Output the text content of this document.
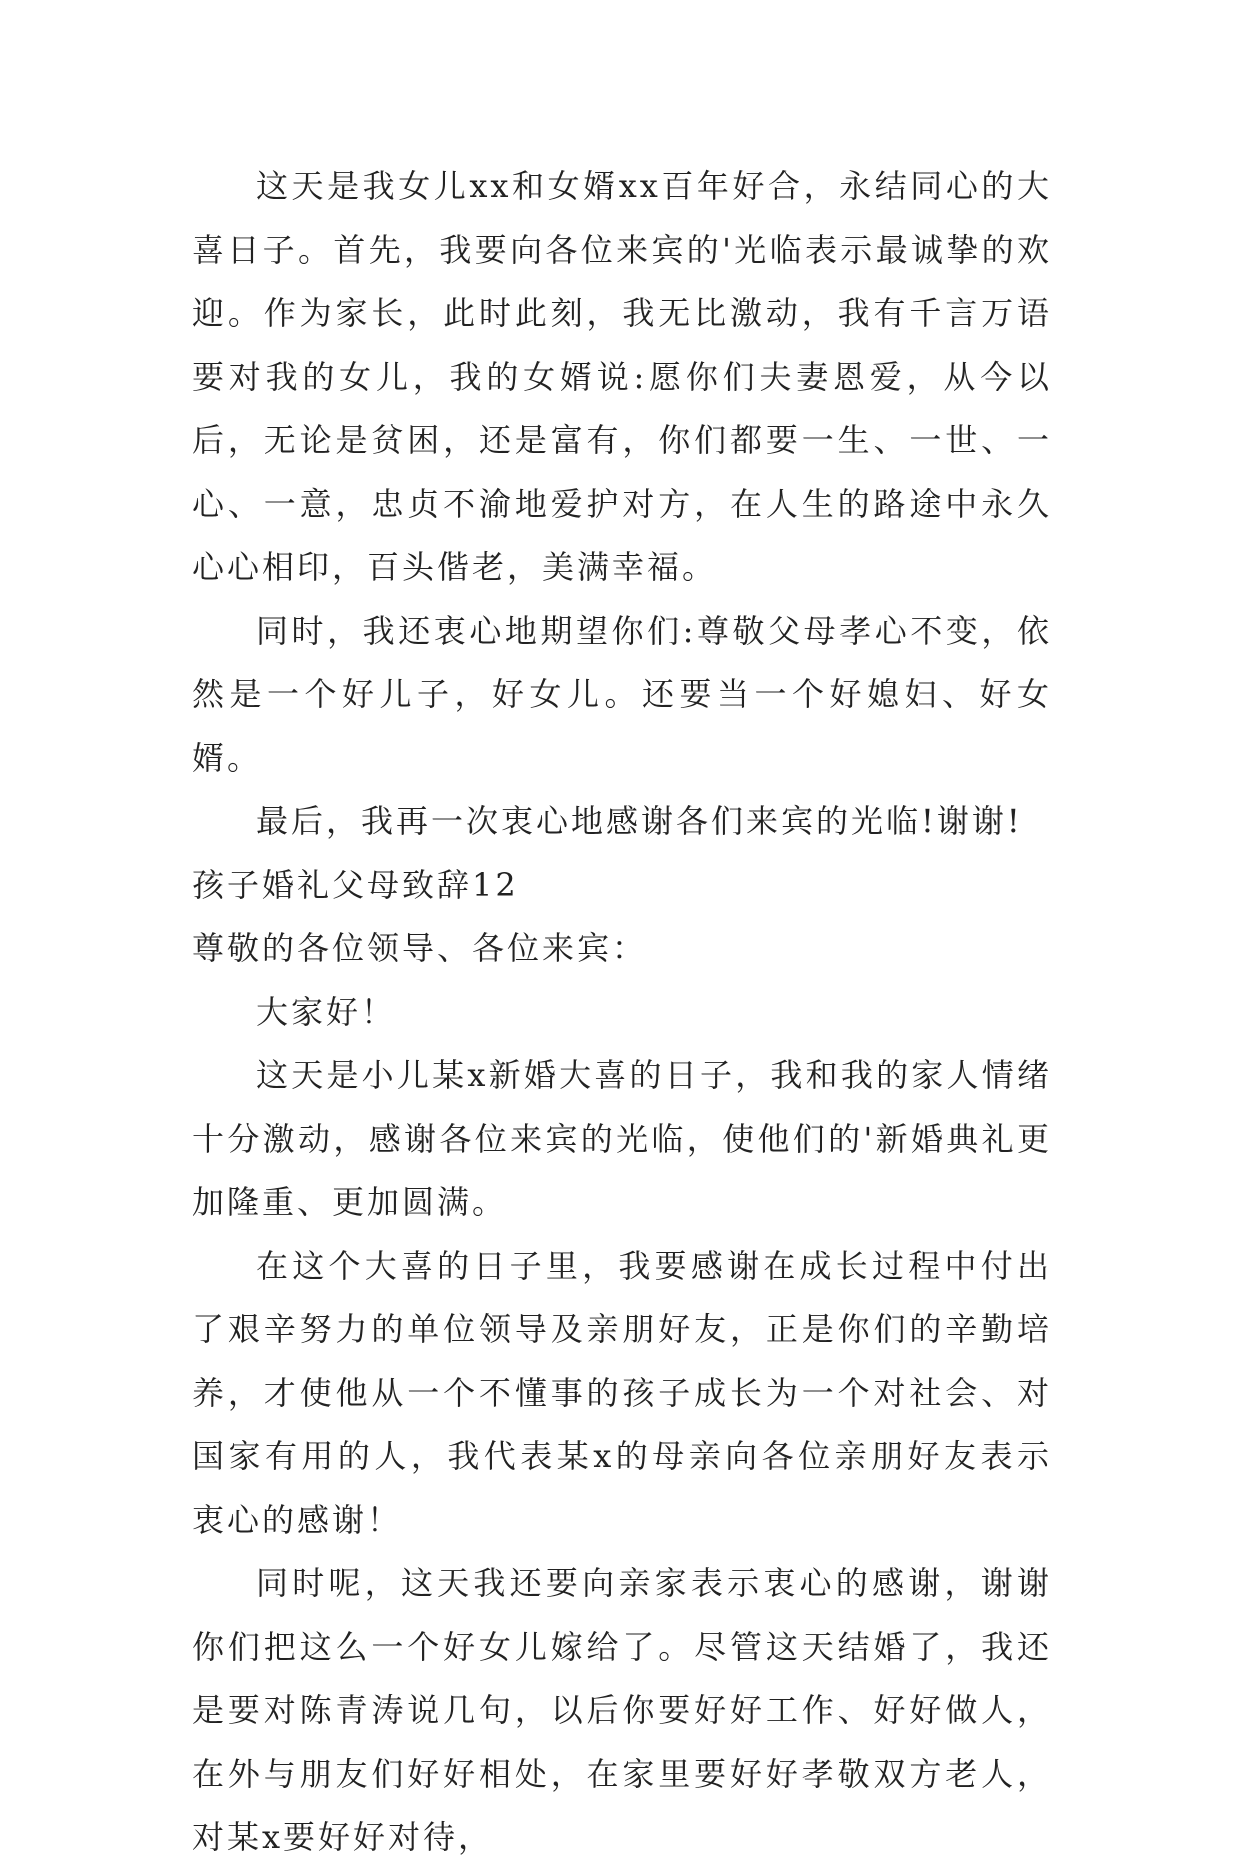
这天是我女儿xx和女婿xx百年好合，永结同心的大喜日子。首先，我要向各位来宾的'光临表示最诚挚的欢迎。作为家长，此时此刻，我无比激动，我有千言万语要对我的女儿，我的女婿说:愿你们夫妻恩爱，从今以后，无论是贫困，还是富有，你们都要一生、一世、一心、一意，忠贞不渝地爱护对方，在人生的路途中永久心心相印，百头偕老，美满幸福。

同时，我还衷心地期望你们:尊敬父母孝心不变，依然是一个好儿子，好女儿。还要当一个好媳妇、好女婿。

最后，我再一次衷心地感谢各们来宾的光临!谢谢!

孩子婚礼父母致辞12

尊敬的各位领导、各位来宾：

大家好！

这天是小儿某x新婚大喜的日子，我和我的家人情绪十分激动，感谢各位来宾的光临，使他们的'新婚典礼更加隆重、更加圆满。

在这个大喜的日子里，我要感谢在成长过程中付出了艰辛努力的单位领导及亲朋好友，正是你们的辛勤培养，才使他从一个不懂事的孩子成长为一个对社会、对国家有用的人，我代表某x的母亲向各位亲朋好友表示衷心的感谢！

同时呢，这天我还要向亲家表示衷心的感谢，谢谢你们把这么一个好女儿嫁给了。尽管这天结婚了，我还是要对陈青涛说几句，以后你要好好工作、好好做人，在外与朋友们好好相处，在家里要好好孝敬双方老人，对某x要好好对待，
